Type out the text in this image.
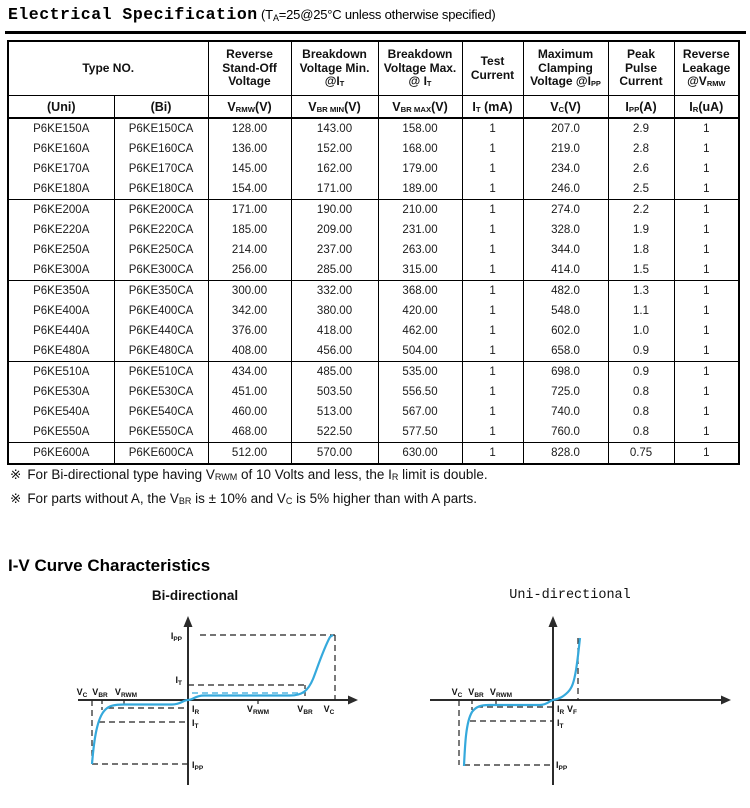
Electrical Specification ($T_A=25@25^\circ C$ unless otherwise specified)
Type NO.		Reverse Stand-Off Voltage	Breakdown Voltage Min. $@I_T$	Breakdown Voltage Max. @ $I_T$	Test Current	Maximum Clamping Voltage $@I_{PP}$	Peak Pulse Current	Reverse Leakage $@V_{RMW}$
(Uni)	(Bi)	$V_{RMW}(V)$	$V_{BR MIN}(V)$	$V_{BR MAX}(V)$	$I_T$ (mA)	$V_C(V)$	$I_{PP}(A)$	$I_R(uA)$
P6KE150A	P6KE150CA	128.00	143.00	158.00	1	207.0	2.9	1
P6KE160A	P6KE160CA	136.00	152.00	168.00	1	219.0	2.8	1
P6KE170A	P6KE170CA	145.00	162.00	179.00	1	234.0	2.6	1
P6KE180A	P6KE180CA	154.00	171.00	189.00	1	246.0	2.5	1
P6KE200A	P6KE200CA	171.00	190.00	210.00	1	274.0	2.2	1
P6KE220A	P6KE220CA	185.00	209.00	231.00	1	328.0	1.9	1
P6KE250A	P6KE250CA	214.00	237.00	263.00	1	344.0	1.8	1
P6KE300A	P6KE300CA	256.00	285.00	315.00	1	414.0	1.5	1
P6KE350A	P6KE350CA	300.00	332.00	368.00	1	482.0	1.3	1
P6KE400A	P6KE400CA	342.00	380.00	420.00	1	548.0	1.1	1
P6KE440A	P6KE440CA	376.00	418.00	462.00	1	602.0	1.0	1
P6KE480A	P6KE480CA	408.00	456.00	504.00	1	658.0	0.9	1
P6KE510A	P6KE510CA	434.00	485.00	535.00	1	698.0	0.9	1
P6KE530A	P6KE530CA	451.00	503.50	556.50	1	725.0	0.8	1
P6KE540A	P6KE540CA	460.00	513.00	567.00	1	740.0	0.8	1
P6KE550A	P6KE550CA	468.00	522.50	577.50	1	760.0	0.8	1
P6KE600A	P6KE600CA	512.00	570.00	630.00	1	828.0	0.75	1
※ For Bi-directional type having $V_{RWM}$ of 10 Volts and less, the $I_R$ limit is double.
※ For parts without A, the $V_{BR}$ is ± 10% and $V_C$ is 5% higher than with A parts.
I-V Curve Characteristics
Bi-directional	Uni-directional
$I_{PP}$
$I_T$
$V_C$ $V_{BR}$ $V_{RWM}$
$V_{RWM}$	$V_{BR}$ $V_C$
$I_R$
$I_T$
$I_{PP}$
$V_C$ $V_{BR}$ $V_{RWM}$
$V_F$
$I_R$
$I_T$
$I_{PP}$
